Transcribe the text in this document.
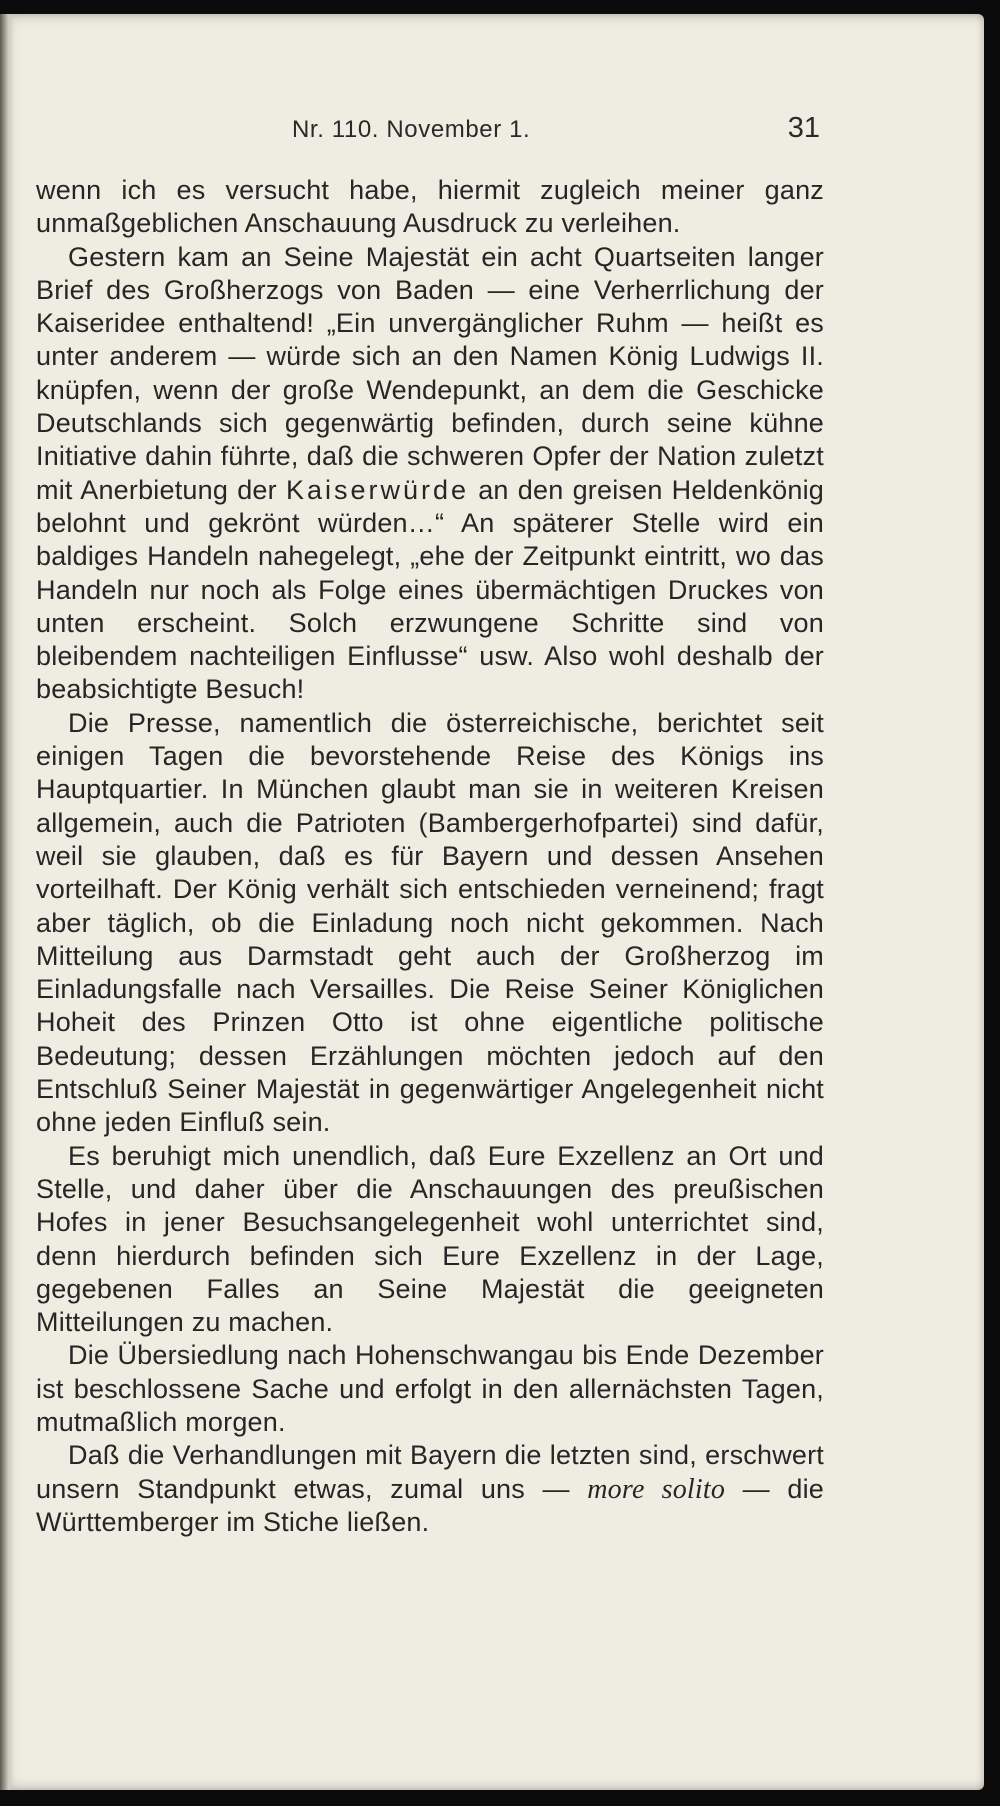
Nr. 110. November 1.	31

wenn ich es versucht habe, hiermit zugleich meiner ganz unmaßgeblichen Anschauung Ausdruck zu verleihen.

Gestern kam an Seine Majestät ein acht Quartseiten langer Brief des Großherzogs von Baden — eine Verherrlichung der Kaiseridee enthaltend! „Ein unvergänglicher Ruhm — heißt es unter anderem — würde sich an den Namen König Ludwigs II. knüpfen, wenn der große Wendepunkt, an dem die Geschicke Deutschlands sich gegenwärtig befinden, durch seine kühne Initiative dahin führte, daß die schweren Opfer der Nation zuletzt mit Anerbietung der Kaiserwürde an den greisen Heldenkönig belohnt und gekrönt würden…“ An späterer Stelle wird ein baldiges Handeln nahegelegt, „ehe der Zeitpunkt eintritt, wo das Handeln nur noch als Folge eines übermächtigen Druckes von unten erscheint. Solch erzwungene Schritte sind von bleibendem nachteiligen Einflusse“ usw. Also wohl deshalb der beabsichtigte Besuch!

Die Presse, namentlich die österreichische, berichtet seit einigen Tagen die bevorstehende Reise des Königs ins Hauptquartier. In München glaubt man sie in weiteren Kreisen allgemein, auch die Patrioten (Bambergerhofpartei) sind dafür, weil sie glauben, daß es für Bayern und dessen Ansehen vorteilhaft. Der König verhält sich entschieden verneinend; fragt aber täglich, ob die Einladung noch nicht gekommen. Nach Mitteilung aus Darmstadt geht auch der Großherzog im Einladungsfalle nach Versailles. Die Reise Seiner Königlichen Hoheit des Prinzen Otto ist ohne eigentliche politische Bedeutung; dessen Erzählungen möchten jedoch auf den Entschluß Seiner Majestät in gegenwärtiger Angelegenheit nicht ohne jeden Einfluß sein.

Es beruhigt mich unendlich, daß Eure Exzellenz an Ort und Stelle, und daher über die Anschauungen des preußischen Hofes in jener Besuchsangelegenheit wohl unterrichtet sind, denn hierdurch befinden sich Eure Exzellenz in der Lage, gegebenen Falles an Seine Majestät die geeigneten Mitteilungen zu machen.

Die Übersiedlung nach Hohenschwangau bis Ende Dezember ist beschlossene Sache und erfolgt in den allernächsten Tagen, mutmaßlich morgen.

Daß die Verhandlungen mit Bayern die letzten sind, erschwert unsern Standpunkt etwas, zumal uns — more solito — die Württemberger im Stiche ließen.
